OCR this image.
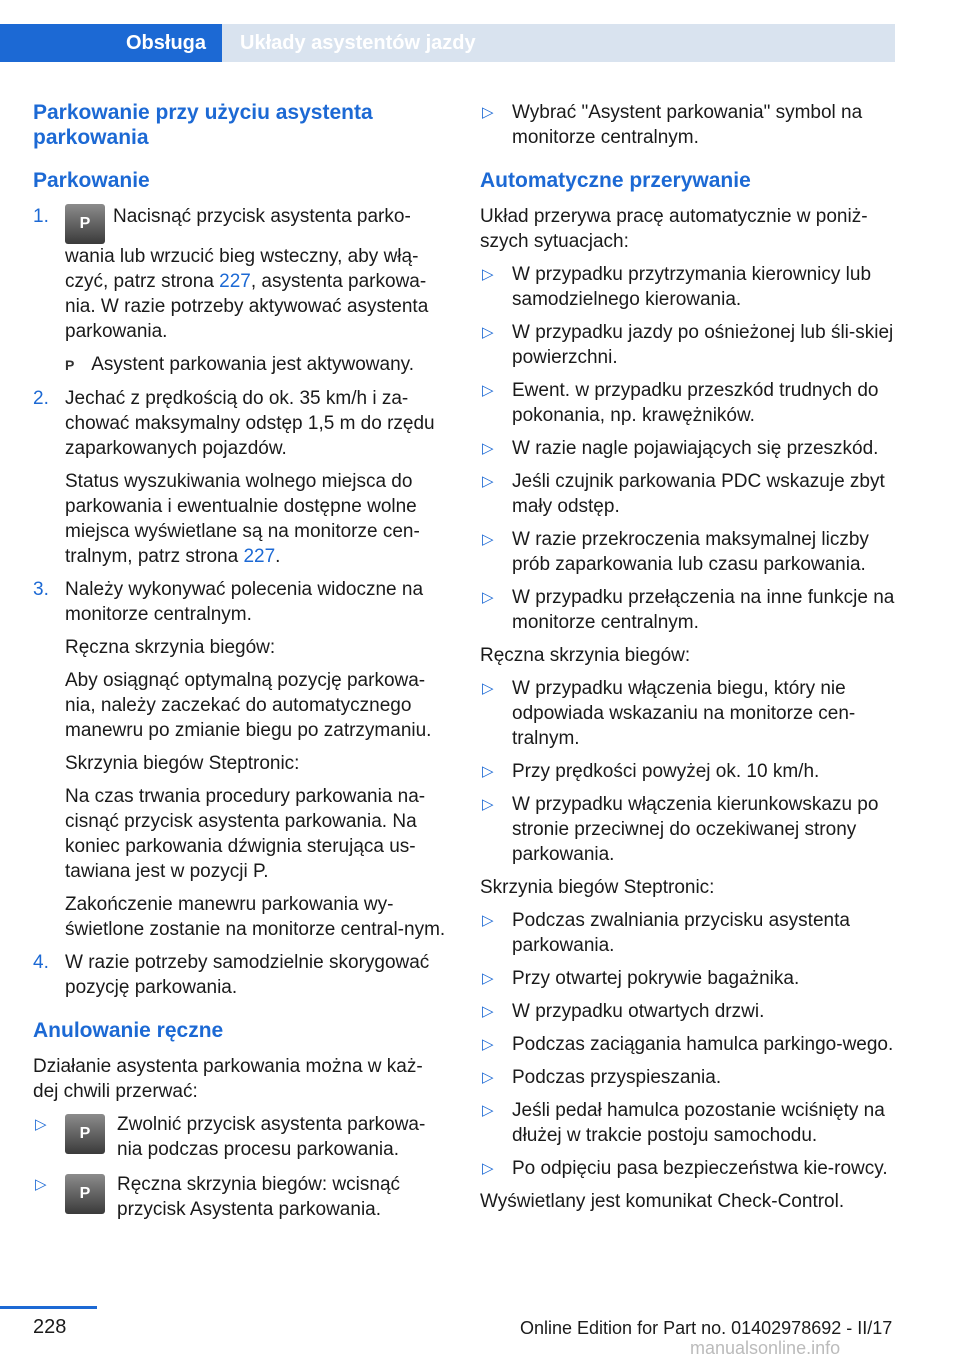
Obsługa	Układy asystentów jazdy
Parkowanie przy użyciu asystenta parkowania
Parkowanie
1. P Nacisnąć przycisk asystenta parko-wania lub wrzucić bieg wsteczny, aby włą-czyć, patrz strona 227, asystenta parkowa-nia. W razie potrzeby aktywować asystenta parkowania.
P Asystent parkowania jest aktywowany.
2. Jechać z prędkością do ok. 35 km/h i za-chować maksymalny odstęp 1,5 m do rzędu zaparkowanych pojazdów.
Status wyszukiwania wolnego miejsca do parkowania i ewentualnie dostępne wolne miejsca wyświetlane są na monitorze cen-tralnym, patrz strona 227.
3. Należy wykonywać polecenia widoczne na monitorze centralnym.
Ręczna skrzynia biegów:
Aby osiągnąć optymalną pozycję parkowa-nia, należy zaczekać do automatycznego manewru po zmianie biegu po zatrzymaniu.
Skrzynia biegów Steptronic:
Na czas trwania procedury parkowania na-cisnąć przycisk asystenta parkowania. Na koniec parkowania dźwignia sterująca us-tawiana jest w pozycji P.
Zakończenie manewru parkowania wy-świetlone zostanie na monitorze central-nym.
4. W razie potrzeby samodzielnie skorygować pozycję parkowania.
Anulowanie ręczne
Działanie asystenta parkowania można w każ-dej chwili przerwać:
▷
P	Zwolnić przycisk asystenta parkowa-nia podczas procesu parkowania.
▷
P	Ręczna skrzynia biegów: wcisnąć przycisk Asystenta parkowania.
▷ Wybrać "Asystent parkowania" symbol na monitorze centralnym.
Automatyczne przerywanie
Układ przerywa pracę automatycznie w poniż-szych sytuacjach:
▷ W przypadku przytrzymania kierownicy lub samodzielnego kierowania.
▷ W przypadku jazdy po ośnieżonej lub śli-skiej powierzchni.
▷ Ewent. w przypadku przeszkód trudnych do pokonania, np. krawężników.
▷ W razie nagle pojawiających się przeszkód.
▷ Jeśli czujnik parkowania PDC wskazuje zbyt mały odstęp.
▷ W razie przekroczenia maksymalnej liczby prób zaparkowania lub czasu parkowania.
▷ W przypadku przełączenia na inne funkcje na monitorze centralnym.
Ręczna skrzynia biegów:
▷ W przypadku włączenia biegu, który nie odpowiada wskazaniu na monitorze cen-tralnym.
▷ Przy prędkości powyżej ok. 10 km/h.
▷ W przypadku włączenia kierunkowskazu po stronie przeciwnej do oczekiwanej strony parkowania.
Skrzynia biegów Steptronic:
▷ Podczas zwalniania przycisku asystenta parkowania.
▷ Przy otwartej pokrywie bagażnika.
▷ W przypadku otwartych drzwi.
▷ Podczas zaciągania hamulca parkingo-wego.
▷ Podczas przyspieszania.
▷ Jeśli pedał hamulca pozostanie wciśnięty na dłużej w trakcie postoju samochodu.
▷ Po odpięciu pasa bezpieczeństwa kie-rowcy.
Wyświetlany jest komunikat Check-Control.
228	Online Edition for Part no. 01402978692 - II/17
manualsonline.info
